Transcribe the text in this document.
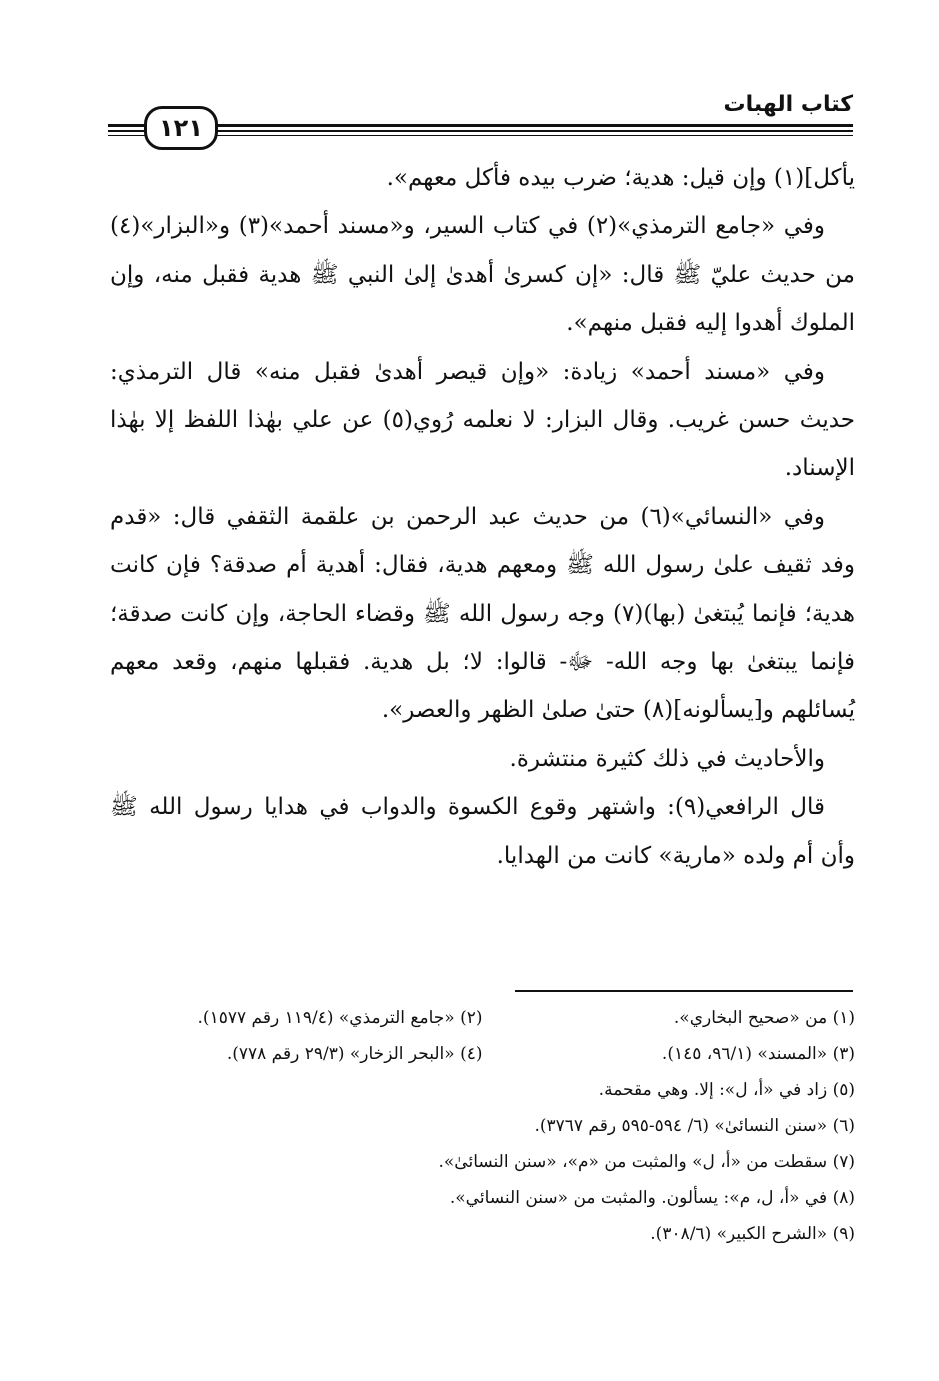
كتاب الهبات
١٢١

يأكل](١) وإن قيل: هدية؛ ضرب بيده فأكل معهم».

وفي «جامع الترمذي»(٢) في كتاب السير، و«مسند أحمد»(٣) و«البزار»(٤) من حديث عليّ ﷺ قال: «إن كسرىٰ أهدىٰ إلىٰ النبي ﷺ هدية فقبل منه، وإن الملوك أهدوا إليه فقبل منهم».

وفي «مسند أحمد» زيادة: «وإن قيصر أهدىٰ فقبل منه» قال الترمذي: حديث حسن غريب. وقال البزار: لا نعلمه رُوي(٥) عن علي بهٰذا اللفظ إلا بهٰذا الإسناد.

وفي «النسائي»(٦) من حديث عبد الرحمن بن علقمة الثقفي قال: «قدم وفد ثقيف علىٰ رسول الله ﷺ ومعهم هدية، فقال: أهدية أم صدقة؟ فإن كانت هدية؛ فإنما يُبتغىٰ (بها)(٧) وجه رسول الله ﷺ وقضاء الحاجة، وإن كانت صدقة؛ فإنما يبتغىٰ بها وجه الله- ﷻ- قالوا: لا؛ بل هدية. فقبلها منهم، وقعد معهم يُسائلهم و[يسألونه](٨) حتىٰ صلىٰ الظهر والعصر».

والأحاديث في ذلك كثيرة منتشرة.

قال الرافعي(٩): واشتهر وقوع الكسوة والدواب في هدايا رسول الله ﷺ وأن أم ولده «مارية» كانت من الهدايا.

(١) من «صحيح البخاري».
(٢) «جامع الترمذي» (١١٩/٤ رقم ١٥٧٧).
(٣) «المسند» (٩٦/١، ١٤٥).
(٤) «البحر الزخار» (٢٩/٣ رقم ٧٧٨).
(٥) زاد في «أ، ل»: إلا. وهي مقحمة.
(٦) «سنن النسائیٰ» (٦/ ٥٩٤-٥٩٥ رقم ٣٧٦٧).
(٧) سقطت من «أ، ل» والمثبت من «م»، «سنن النسائیٰ».
(٨) في «أ، ل، م»: يسألون. والمثبت من «سنن النسائي».
(٩) «الشرح الكبير» (٣٠٨/٦).
